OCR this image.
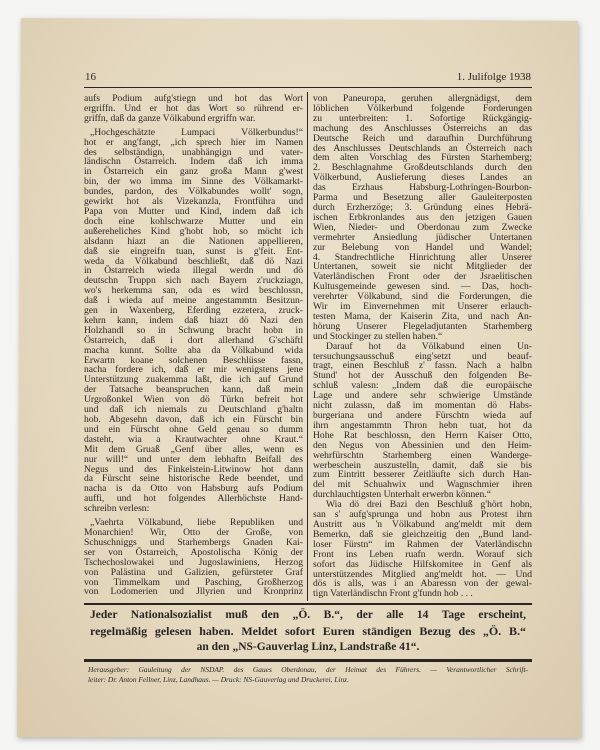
16	1. Julifolge 1938
aufs Podium aufg'stiegn und hot das Wort
ergriffn. Und er hot das Wort so rührend er-
griffn, daß da ganze Völkabund ergriffn war.
„Hochgeschätzte Lumpaci Völkerbundus!“
hot er ang'fangt, „ich sprech hier im Namen
des selbständign, unabhängign und vater-
ländischn Östarreich. Indem daß ich imma
in Östarreich ein ganz großa Mann g'west
bin, der wo imma im Sinne des Völkamarkt-
bundes, pardon, des Völkabundes wollt' sogn,
gewirkt hot als Vizekanzla, Frontführa und
Papa von Mutter und Kind, indem daß ich
doch eine kohlschwarze Mutter und ein
außereheliches Kind g'hobt hob, so möcht ich
alsdann hiazt an die Nationen appellieren,
daß sie eingreifn tuan, sunst is g'feit. Ent-
weda da Völkabund beschließt, daß dö Nazi
in Östarreich wieda illegal werdn und dö
deutschn Truppn sich nach Bayern z'ruckziagn,
wo's herkemma san, oda es wird beschlossn,
daß i wieda auf meine angestammtn Besitzun-
gen in Waxenberg, Eferding ezzetera, zruck-
kehrn kann, indem daß hiazt dö Nazi den
Holzhandl so in Schwung bracht hobn in
Östarreich, daß i dort allerhand G'schäftl
macha kunnt. Sollte aba da Völkabund wida
Erwartn koane solchenen Beschlüsse fassn,
nacha fordere ich, daß er mir wenigstens jene
Unterstützung zuakemma laßt, die ich auf Grund
der Tatsache beanspruchen kann, daß mein
Urgroßonkel Wien von dö Türkn befreit hot
und daß ich niemals zu Deutschland g'haltn
hob. Abgesehn davon, daß ich ein Fürscht bin
und ein Fürscht ohne Geld genau so dumm
dasteht, wia a Krautwachter ohne Kraut.“
Mit dem Gruaß „Genf über alles, wenn es
nur will!“ und unter dem lebhaftn Beifall des
Negus und des Finkelstein-Litwinow hot dann
da Fürscht seine historische Rede beendet, und
nacha is da Otto von Habsburg aufs Podium
auffi, und hot folgendes Allerhöchste Hand-
schreibn verlesn:
„Vaehrta Völkabund, liebe Republiken und
Monarchien! Wir, Otto der Große, von
Schuschniggs und Starhembergs Gnaden Kai-
ser von Östarreich, Apostolischa König der
Tschechoslowakei und Jugoslawiniens, Herzog
von Palästina und Galizien, gefürsteter Graf
von Timmelkam und Pasching, Großherzog
von Lodomerien und Jllyrien und Kronprinz
von Paneuropa, geruhen allergnädigst, dem
löblichen Völkerbund folgende Forderungen
zu unterbreiten: 1. Sofortige Rückgängig-
machung des Anschlusses Österreichs an das
Deutsche Reich und daraufhin Durchführung
des Anschlusses Deutschlands an Österreich nach
dem alten Vorschlag des Fürsten Starhemberg;
2. Beschlagnahme Großdeutschlands durch den
Völkerbund, Auslieferung dieses Landes an
das Erzhaus Habsburg-Lothringen-Bourbon-
Parma und Besetzung aller Gauleiterposten
durch Erzherzöge; 3. Gründung eines Hebrä-
ischen Erbkronlandes aus den jetzigen Gauen
Wien, Nieder- und Oberdonau zum Zwecke
vermehrter Ansiedlung jüdischer Untertanen
zur Belebung von Handel und Wandel;
4. Standrechtliche Hinrichtung aller Unserer
Untertanen, soweit sie nicht Mitglieder der
Vaterländischen Front oder der Jsraelitischen
Kultusgemeinde gewesen sind. — Das, hoch-
verehrter Völkabund, sind die Forderungen, die
Wir im Einvernehmen mit Unserer erlauch-
testen Mama, der Kaiserin Zita, und nach An-
hörung Unserer Flegeladjutanten Starhemberg
und Stockinger zu stellen haben.“
Darauf hot da Völkabund einen Un-
tersuchungsausschuß eing'setzt und beauf-
tragt, einen Beschluß z' fassn. Nach a halbn
Stund' hot der Ausschuß den folgenden Be-
schluß valesn: „Indem daß die europäische
Lage und andere sehr schwierige Umstände
nicht zulassn, daß im momentan dö Habs-
burgeriana und andere Fürschtn wieda auf
ihrn angestammtn Thron hebn tuat, hot da
Hohe Rat beschlossn, den Herrn Kaiser Otto,
den Negus von Abessinien und den Heim-
wehrfürschtn Starhemberg einen Wanderge-
werbeschein auszustelln, damit, daß sie bis
zum Eintritt besserer Zeitläufte sich durch Han-
del mit Schuahwix und Wagnschmier ihren
durchlauchtigsten Unterhalt erwerbn können.“
Wia dö drei Bazi den Beschluß g'hört hobn,
san s' aufg'sprunga und hobn aus Protest ihrn
Austritt aus 'n Völkabund ang'meldt mit dem
Bemerkn, daß sie gleichzeitig den „Bund land-
loser Fürstn“ im Rahmen der Vaterländischn
Front ins Leben ruafn werdn. Worauf sich
sofort das Jüdische Hilfskomitee in Genf als
unterstützendes Mitglied ang'meldt hot. — Und
dös is alls, was i an Abaressn von der gewal-
tign Vaterländischn Front g'fundn hob . . .
Jeder Nationalsozialist muß den „Ö. B.“, der alle 14 Tage erscheint,
regelmäßig gelesen haben. Meldet sofort Euren ständigen Bezug des „Ö. B.“
an den „NS-Gauverlag Linz, Landstraße 41“.
Herausgeber: Gauleitung der NSDAP. des Gaues Oberdonau, der Heimat des Führers. — Verantwortlicher Schrift-
leiter: Dr. Anton Fellner, Linz, Landhaus. — Druck: NS-Gauverlag und Druckerei, Linz.
